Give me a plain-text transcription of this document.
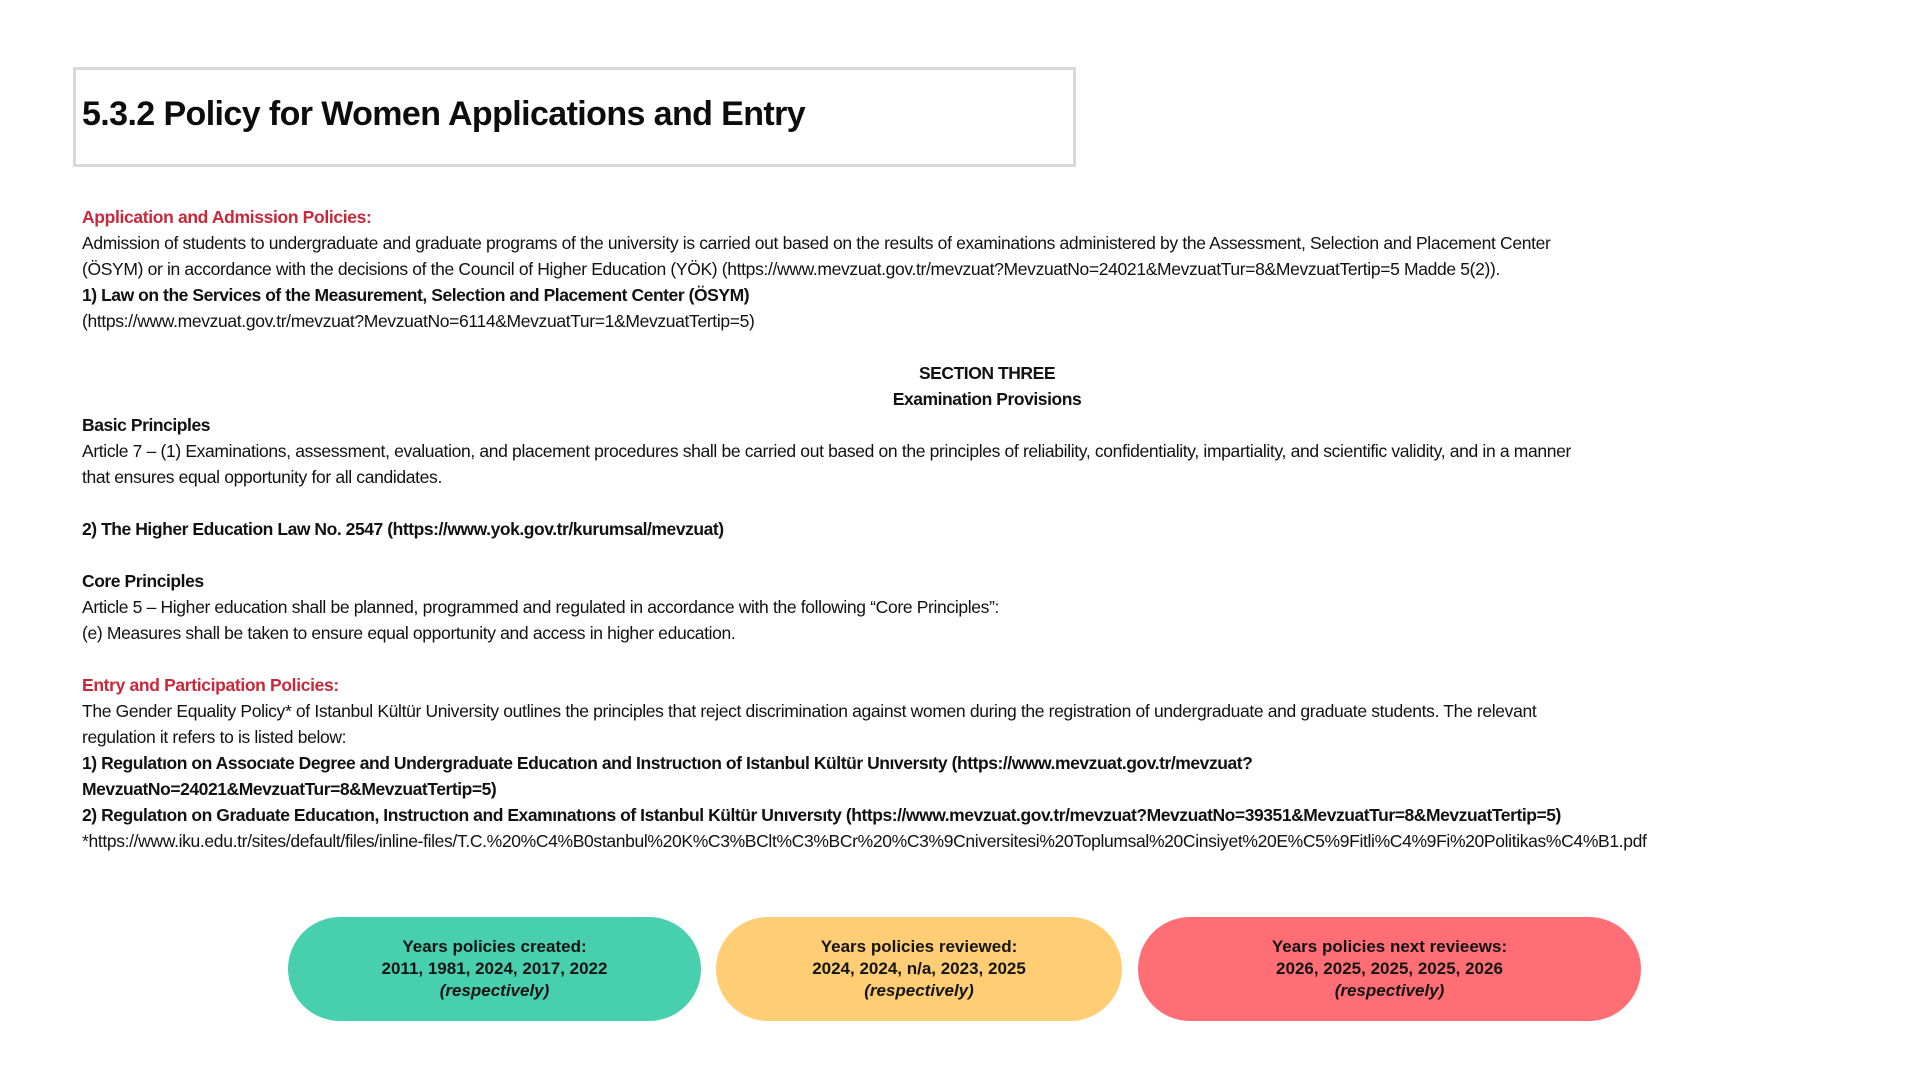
5.3.2 Policy for Women Applications and Entry
Application and Admission Policies:
Admission of students to undergraduate and graduate programs of the university is carried out based on the results of examinations administered by the Assessment, Selection and Placement Center
(ÖSYM) or in accordance with the decisions of the Council of Higher Education (YÖK) (https://www.mevzuat.gov.tr/mevzuat?MevzuatNo=24021&MevzuatTur=8&MevzuatTertip=5 Madde 5(2)).
1) Law on the Services of the Measurement, Selection and Placement Center (ÖSYM)
(https://www.mevzuat.gov.tr/mevzuat?MevzuatNo=6114&MevzuatTur=1&MevzuatTertip=5)
SECTION THREE
Examination Provisions
Basic Principles
Article 7 – (1) Examinations, assessment, evaluation, and placement procedures shall be carried out based on the principles of reliability, confidentiality, impartiality, and scientific validity, and in a manner
that ensures equal opportunity for all candidates.
2) The Higher Education Law No. 2547 (https://www.yok.gov.tr/kurumsal/mevzuat)
Core Principles
Article 5 – Higher education shall be planned, programmed and regulated in accordance with the following “Core Principles”:
(e) Measures shall be taken to ensure equal opportunity and access in higher education.
Entry and Participation Policies:
The Gender Equality Policy* of Istanbul Kültür University outlines the principles that reject discrimination against women during the registration of undergraduate and graduate students. The relevant
regulation it refers to is listed below:
1) Regulatıon on Assocıate Degree and Undergraduate Educatıon and Instructıon of Istanbul Kültür Unıversıty (https://www.mevzuat.gov.tr/mevzuat?
MevzuatNo=24021&MevzuatTur=8&MevzuatTertip=5)
2) Regulatıon on Graduate Educatıon, Instructıon and Examınatıons of Istanbul Kültür Unıversıty (https://www.mevzuat.gov.tr/mevzuat?MevzuatNo=39351&MevzuatTur=8&MevzuatTertip=5)
*https://www.iku.edu.tr/sites/default/files/inline-files/T.C.%20%C4%B0stanbul%20K%C3%BClt%C3%BCr%20%C3%9Cniversitesi%20Toplumsal%20Cinsiyet%20E%C5%9Fitli%C4%9Fi%20Politikas%C4%B1.pdf
Years policies created:
2011, 1981, 2024, 2017, 2022
(respectively)
Years policies reviewed:
2024, 2024, n/a, 2023, 2025
(respectively)
Years policies next revieews:
2026, 2025, 2025, 2025, 2026
(respectively)
